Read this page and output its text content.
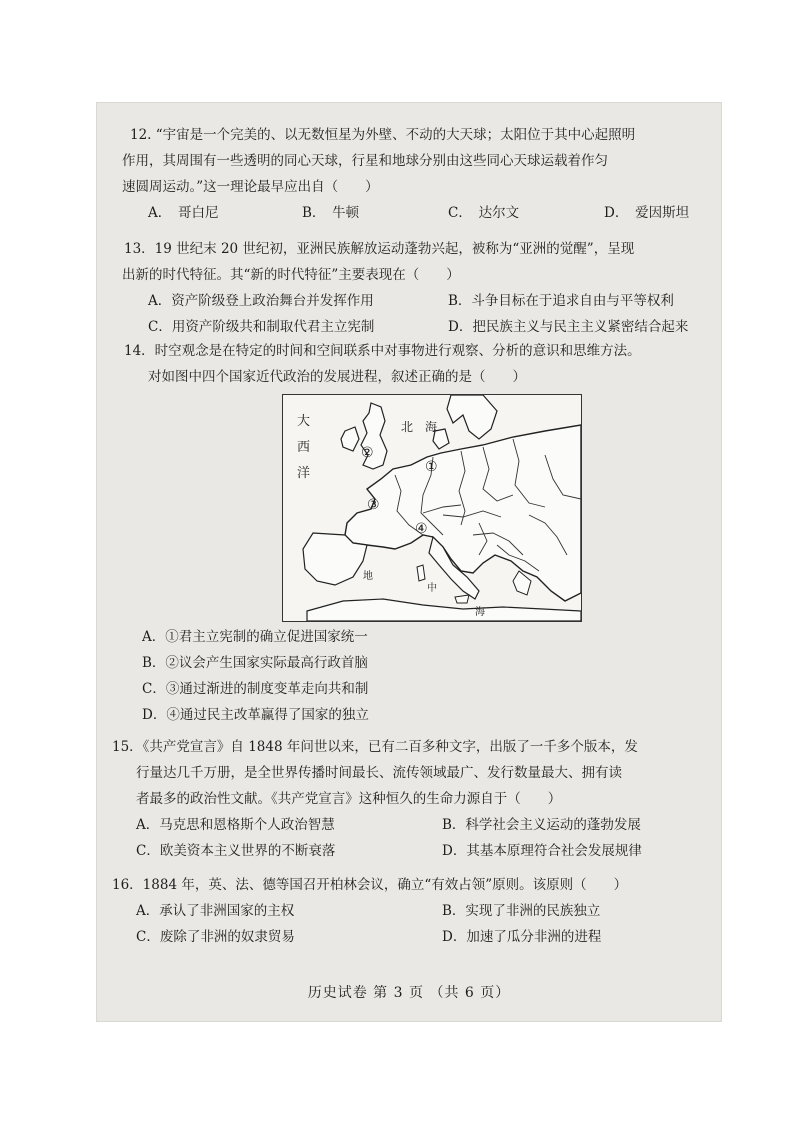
12. “宇宙是一个完美的、以无数恒星为外壁、不动的大天球；太阳位于其中心起照明
作用，其周围有一些透明的同心天球，行星和地球分别由这些同心天球运载着作匀
速圆周运动。”这一理论最早应出自（　　）
A．　哥白尼	B．　牛顿	C．　达尔文	D．　爱因斯坦
13．19 世纪末 20 世纪初，亚洲民族解放运动蓬勃兴起，被称为“亚洲的觉醒”，呈现
出新的时代特征。其“新的时代特征”主要表现在（　　）
A．资产阶级登上政治舞台并发挥作用	B．斗争目标在于追求自由与平等权利
C．用资产阶级共和制取代君主立宪制	D．把民族主义与民主主义紧密结合起来
14．时空观念是在特定的时间和空间联系中对事物进行观察、分析的意识和思维方法。
对如图中四个国家近代政治的发展进程，叙述正确的是（　　）
大
西
洋
北　海
地
中
海
①
②
③
④
A．①君主立宪制的确立促进国家统一
B．②议会产生国家实际最高行政首脑
C．③通过渐进的制度变革走向共和制
D．④通过民主改革赢得了国家的独立
15．《共产党宣言》自 1848 年问世以来，已有二百多种文字，出版了一千多个版本，发
行量达几千万册，是全世界传播时间最长、流传领域最广、发行数量最大、拥有读
者最多的政治性文献。《共产党宣言》这种恒久的生命力源自于（　　）
A．马克思和恩格斯个人政治智慧	B．科学社会主义运动的蓬勃发展
C．欧美资本主义世界的不断衰落	D．其基本原理符合社会发展规律
16．1884 年，英、法、德等国召开柏林会议，确立“有效占领”原则。该原则（　　）
A．承认了非洲国家的主权	B．实现了非洲的民族独立
C．废除了非洲的奴隶贸易	D．加速了瓜分非洲的进程
历史试卷 第 3 页 （共 6 页）
